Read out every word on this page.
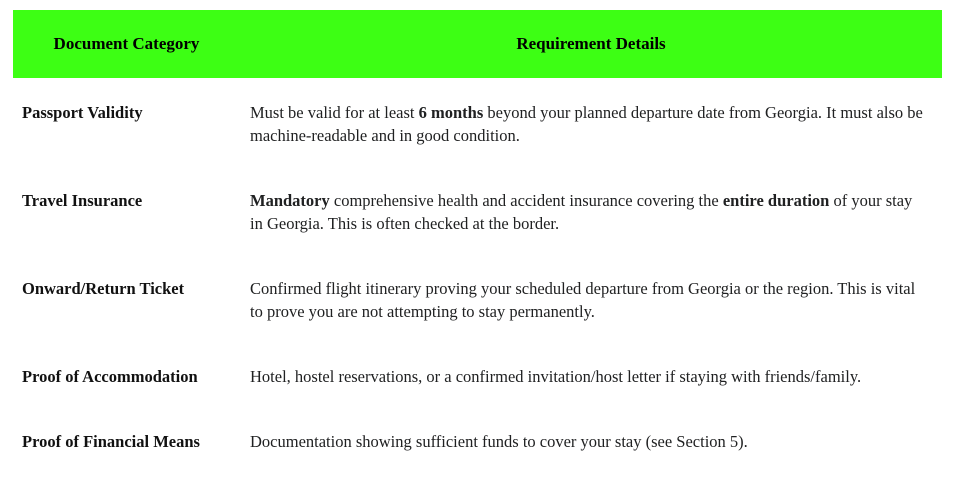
Document Category	Requirement Details
Passport Validity	Must be valid for at least 6 months beyond your planned departure date from Georgia. It must also be machine-readable and in good condition.
Travel Insurance	Mandatory comprehensive health and accident insurance covering the entire duration of your stay in Georgia. This is often checked at the border.
Onward/Return Ticket	Confirmed flight itinerary proving your scheduled departure from Georgia or the region. This is vital to prove you are not attempting to stay permanently.
Proof of Accommodation	Hotel, hostel reservations, or a confirmed invitation/host letter if staying with friends/family.
Proof of Financial Means	Documentation showing sufficient funds to cover your stay (see Section 5).
